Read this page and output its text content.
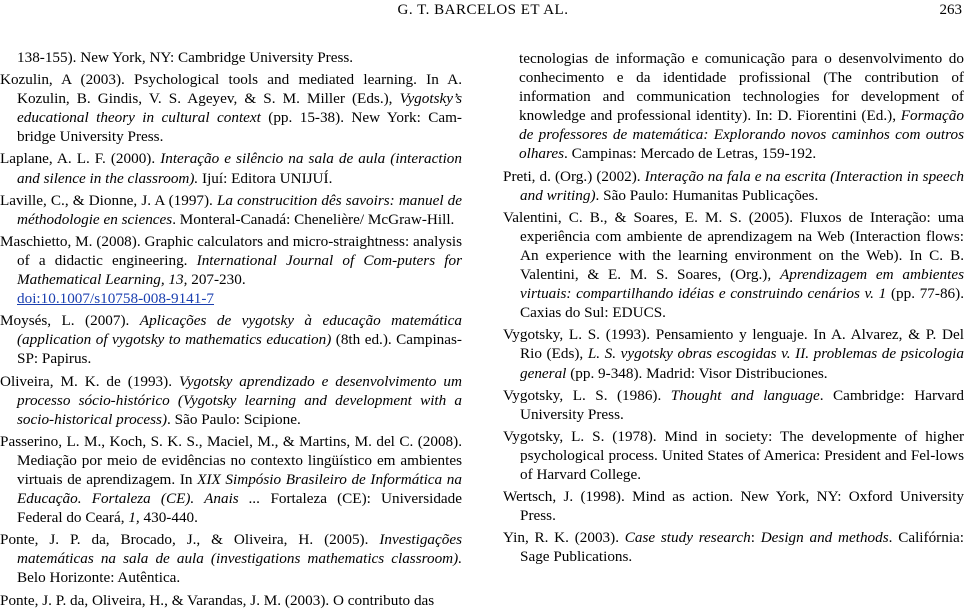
G. T. BARCELOS ET AL.	263

138-155). New York, NY: Cambridge University Press.

Kozulin, A (2003). Psychological tools and mediated learning. In A. Kozulin, B. Gindis, V. S. Ageyev, & S. M. Miller (Eds.), Vygotsky’s educational theory in cultural context (pp. 15-38). New York: Cam-bridge University Press.

Laplane, A. L. F. (2000). Interação e silêncio na sala de aula (interaction and silence in the classroom). Ijuí: Editora UNIJUÍ.

Laville, C., & Dionne, J. A (1997). La construcition dês savoirs: manuel de méthodologie en sciences. Monteral-Canadá: Chenelière/ McGraw-Hill.

Maschietto, M. (2008). Graphic calculators and micro-straightness: analysis of a didactic engineering. International Journal of Com-puters for Mathematical Learning, 13, 207-230.
doi:10.1007/s10758-008-9141-7

Moysés, L. (2007). Aplicações de vygotsky à educação matemática (application of vygotsky to mathematics education) (8th ed.). Campinas-SP: Papirus.

Oliveira, M. K. de (1993). Vygotsky aprendizado e desenvolvimento um processo sócio-histórico (Vygotsky learning and development with a socio-historical process). São Paulo: Scipione.

Passerino, L. M., Koch, S. K. S., Maciel, M., & Martins, M. del C. (2008). Mediação por meio de evidências no contexto lingüístico em ambientes virtuais de aprendizagem. In XIX Simpósio Brasileiro de Informática na Educação. Fortaleza (CE). Anais ... Fortaleza (CE): Universidade Federal do Ceará, 1, 430-440.

Ponte, J. P. da, Brocado, J., & Oliveira, H. (2005). Investigações matemáticas na sala de aula (investigations mathematics classroom). Belo Horizonte: Autêntica.

Ponte, J. P. da, Oliveira, H., & Varandas, J. M. (2003). O contributo das

tecnologias de informação e comunicação para o desenvolvimento do conhecimento e da identidade profissional (The contribution of information and communication technologies for development of knowledge and professional identity). In: D. Fiorentini (Ed.), Formação de professores de matemática: Explorando novos caminhos com outros olhares. Campinas: Mercado de Letras, 159-192.

Preti, d. (Org.) (2002). Interação na fala e na escrita (Interaction in speech and writing). São Paulo: Humanitas Publicações.

Valentini, C. B., & Soares, E. M. S. (2005). Fluxos de Interação: uma experiência com ambiente de aprendizagem na Web (Interaction flows: An experience with the learning environment on the Web). In C. B. Valentini, & E. M. S. Soares, (Org.), Aprendizagem em ambientes virtuais: compartilhando idéias e construindo cenários v. 1 (pp. 77-86). Caxias do Sul: EDUCS.

Vygotsky, L. S. (1993). Pensamiento y lenguaje. In A. Alvarez, & P. Del Rio (Eds), L. S. vygotsky obras escogidas v. II. problemas de psicologia general (pp. 9-348). Madrid: Visor Distribuciones.

Vygotsky, L. S. (1986). Thought and language. Cambridge: Harvard University Press.

Vygotsky, L. S. (1978). Mind in society: The developmente of higher psychological process. United States of America: President and Fel-lows of Harvard College.

Wertsch, J. (1998). Mind as action. New York, NY: Oxford University Press.

Yin, R. K. (2003). Case study research: Design and methods. Califórnia: Sage Publications.
